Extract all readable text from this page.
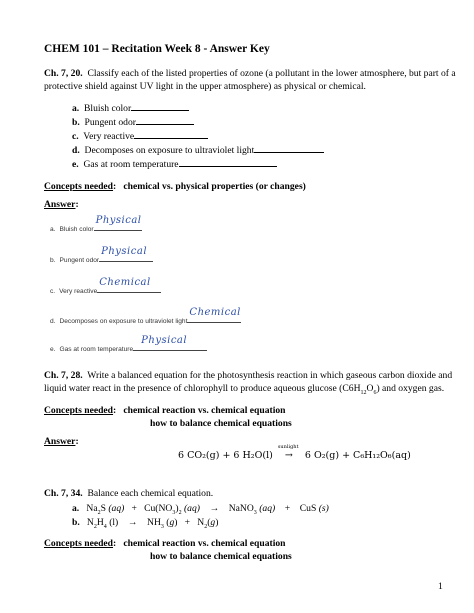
CHEM 101 – Recitation Week 8 - Answer Key
Ch. 7, 20. Classify each of the listed properties of ozone (a pollutant in the lower atmosphere, but part of a
protective shield against UV light in the upper atmosphere) as physical or chemical.
a. Bluish color
b. Pungent odor
c. Very reactive
d. Decomposes on exposure to ultraviolet light
e. Gas at room temperature
Concepts needed:   chemical vs. physical properties (or changes)
Answer:
a. Bluish color
Physical
b. Pungent odor
Physical
c. Very reactive
Chemical
d. Decomposes on exposure to ultraviolet light
Chemical
e. Gas at room temperature
Physical
Ch. 7, 28. Write a balanced equation for the photosynthesis reaction in which gaseous carbon dioxide and
liquid water react in the presence of chlorophyll to produce aqueous glucose $(C6H_{12}O_6)$ and oxygen gas.
Concepts needed:   chemical reaction vs. chemical equation
how to balance chemical equations
Answer:
6 CO₂(g) + 6 H₂O(l)
sunlight
→ 6 O₂(g) + C₆H₁₂O₆(aq)
Ch. 7, 34. Balance each chemical equation.
a.   $Na_2S$ $(aq) + Cu(NO_3)_2$ (aq)    →    NaNO$_3$ (aq)    +    CuS (s)
b.   $N_2H_4$ (l)    →    $NH_3$ $(g) + N_2(g)$
Concepts needed:   chemical reaction vs. chemical equation
how to balance chemical equations
1
